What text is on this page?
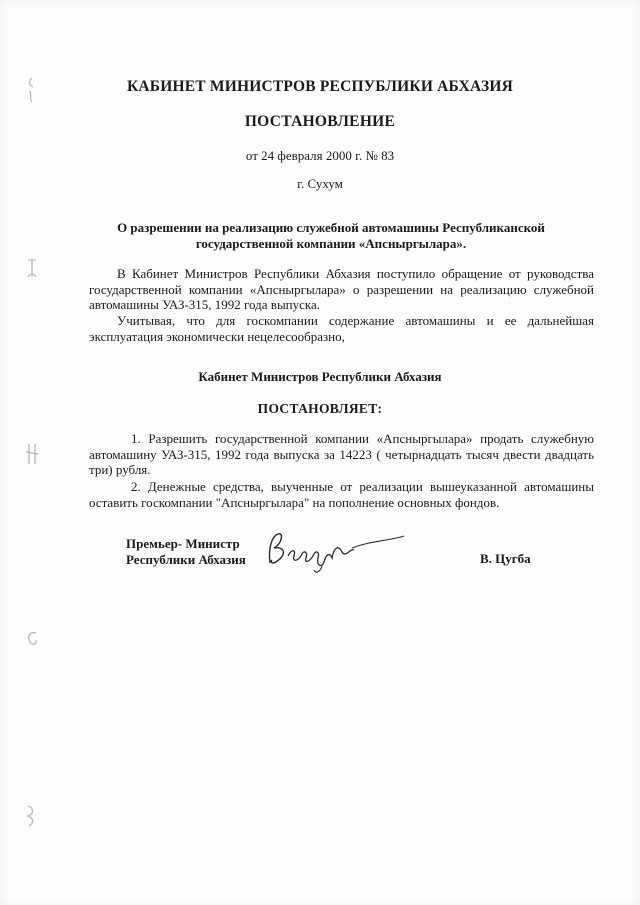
КАБИНЕТ МИНИСТРОВ РЕСПУБЛИКИ АБХАЗИЯ
ПОСТАНОВЛЕНИЕ
от 24 февраля 2000 г. № 83
г. Сухум
О разрешении на реализацию служебной автомашины Республиканской государственной компании «Апсныргылара».
В Кабинет Министров Республики Абхазия поступило обращение от руководства государственной компании «Апсныргылара» о разрешении на реализацию служебной автомашины УАЗ-315, 1992 года выпуска.
Учитывая, что для госкомпании содержание автомашины и ее дальнейшая эксплуатация экономически нецелесообразно,
Кабинет Министров Республики Абхазия
ПОСТАНОВЛЯЕТ:
1. Разрешить государственной компании «Апсныргылара» продать служебную автомашину УАЗ-315, 1992 года выпуска за 14223 ( четырнадцать тысяч двести двадцать три) рубля.
2. Денежные средства, выученные от реализации вышеуказанной автомашины оставить госкомпании "Апсныргылара" на пополнение основных фондов.
Премьер- Министр
Республики Абхазия	В. Цугба
